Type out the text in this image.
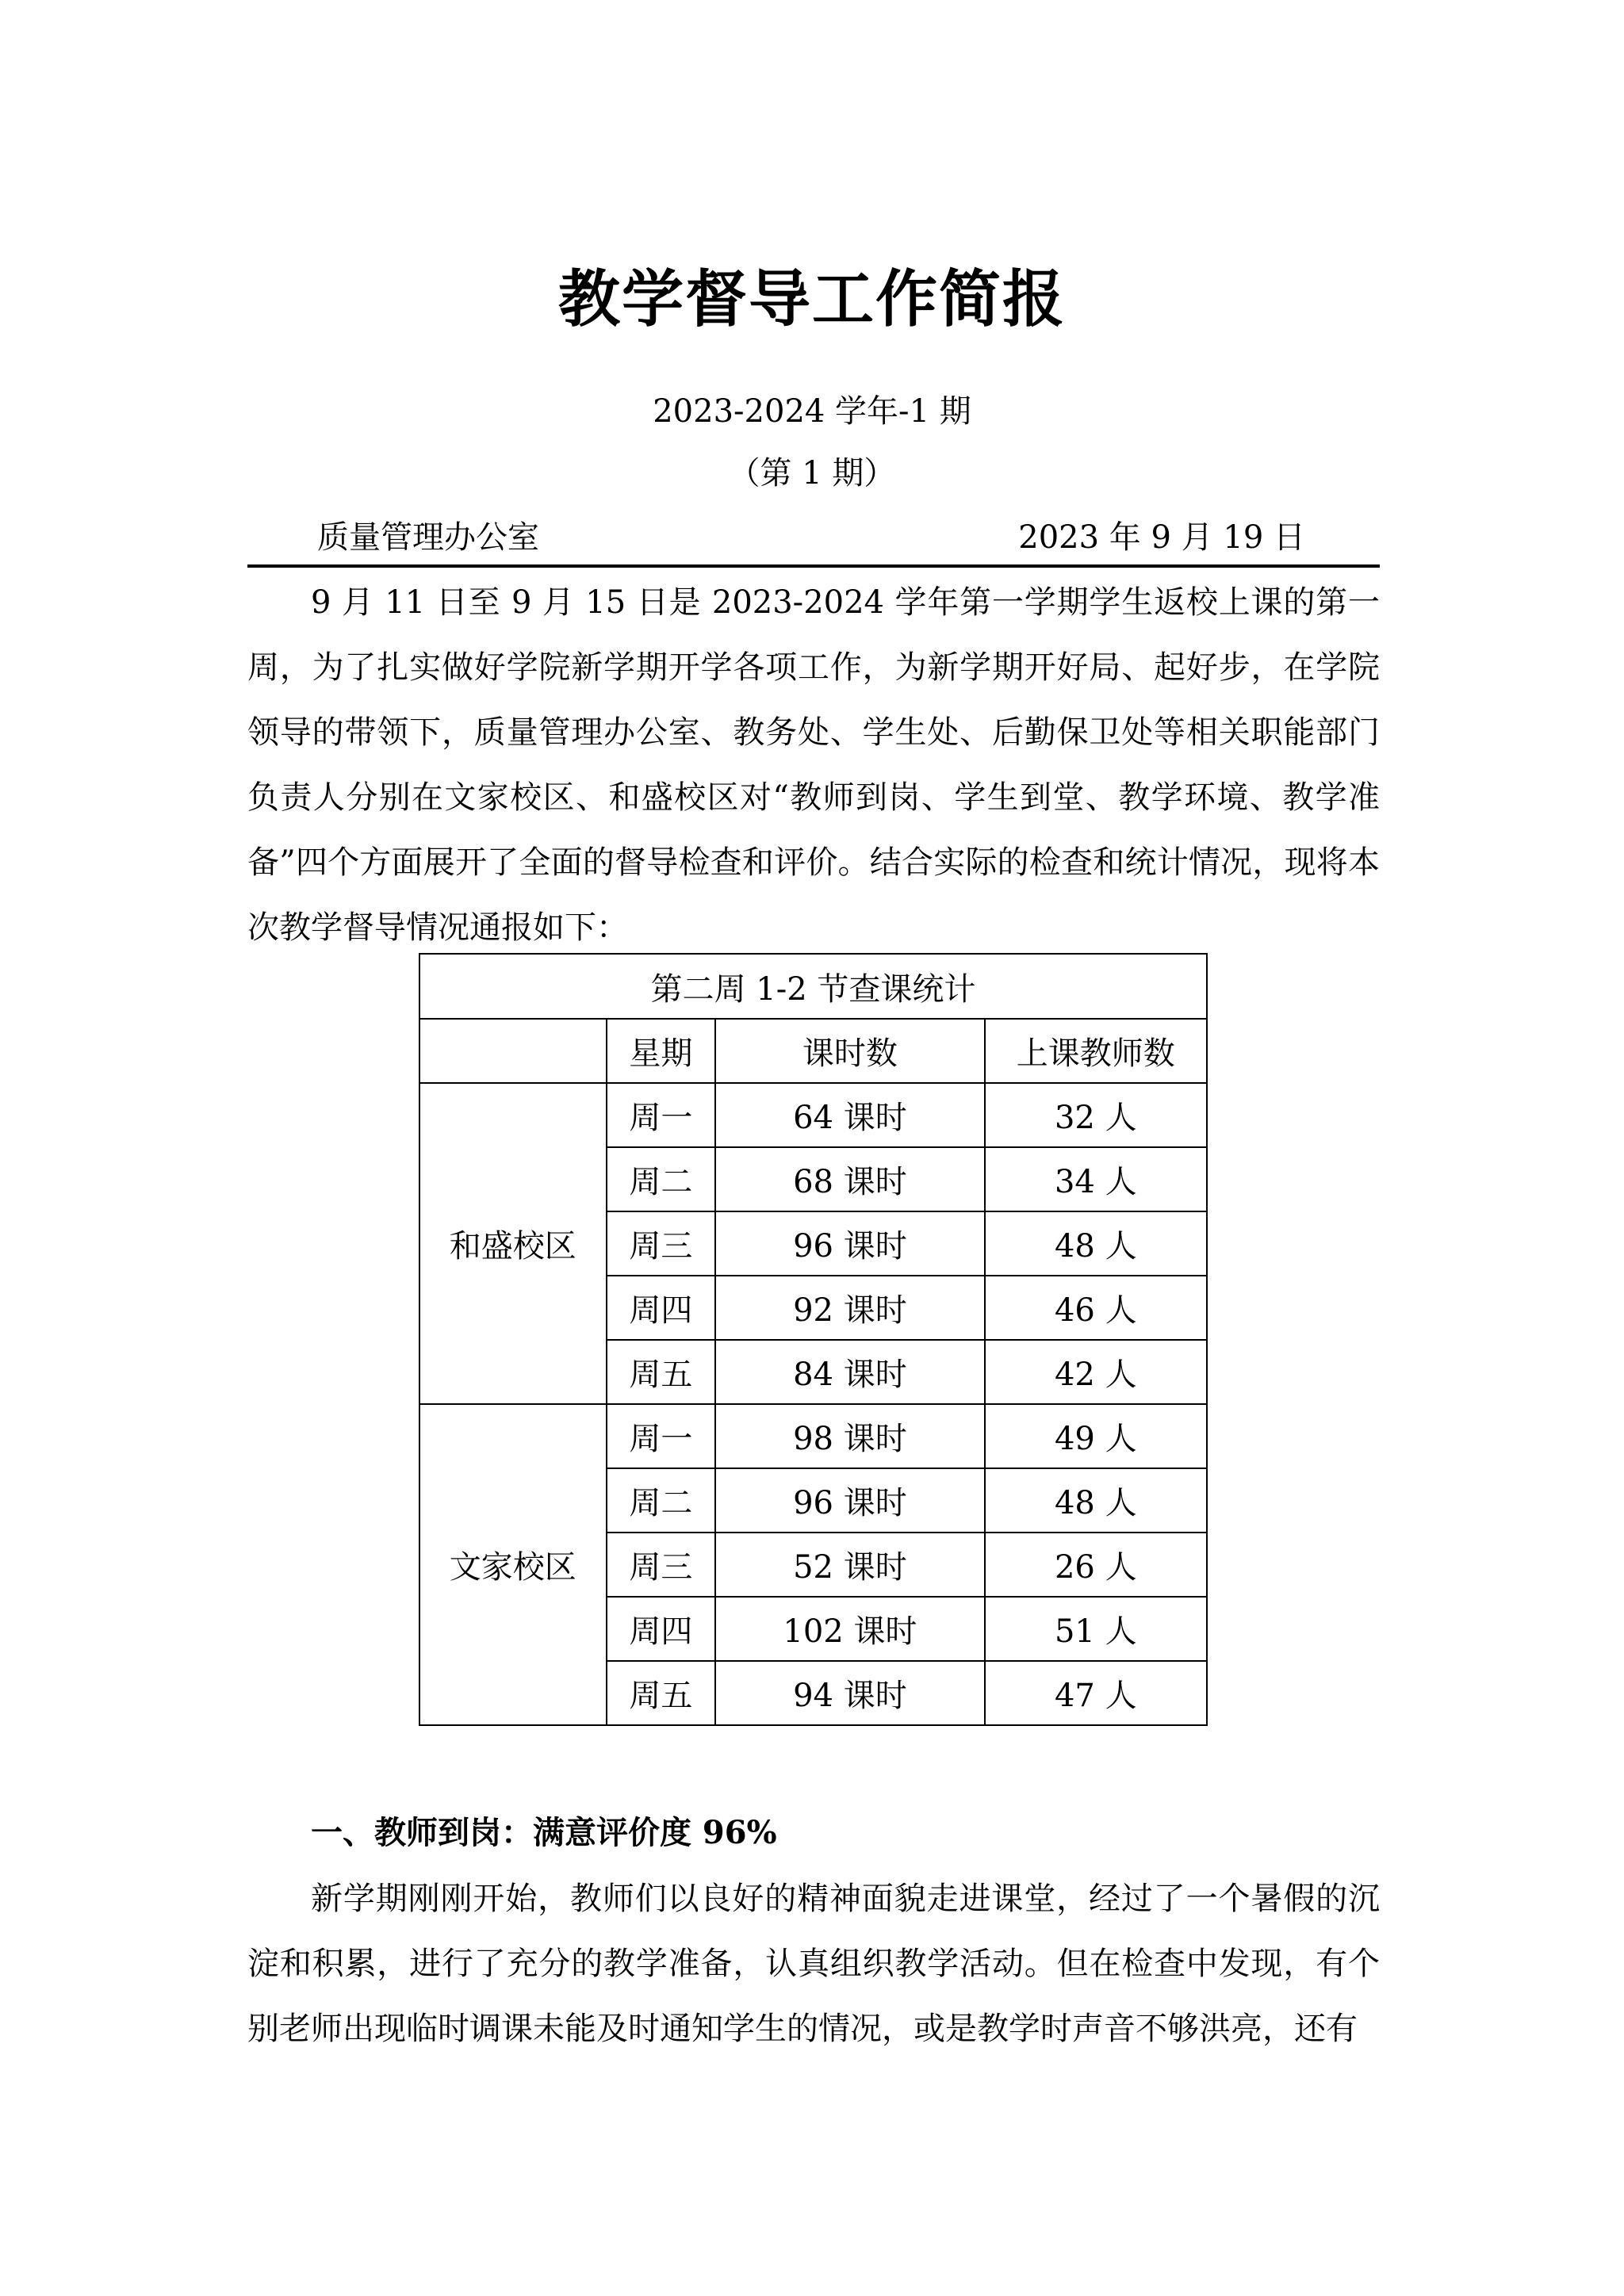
教学督导工作简报
2023-2024 学年-1 期
（第 1 期）
质量管理办公室	2023 年 9 月 19 日

9 月 11 日至 9 月 15 日是 2023-2024 学年第一学期学生返校上课的第一周，为了扎实做好学院新学期开学各项工作，为新学期开好局、起好步，在学院领导的带领下，质量管理办公室、教务处、学生处、后勤保卫处等相关职能部门负责人分别在文家校区、和盛校区对“教师到岗、学生到堂、教学环境、教学准备”四个方面展开了全面的督导检查和评价。结合实际的检查和统计情况，现将本次教学督导情况通报如下：

第二周 1-2 节查课统计			
	星期	课时数	上课教师数
和盛校区	周一	64 课时	32 人
	周二	68 课时	34 人
	周三	96 课时	48 人
	周四	92 课时	46 人
	周五	84 课时	42 人
文家校区	周一	98 课时	49 人
	周二	96 课时	48 人
	周三	52 课时	26 人
	周四	102 课时	51 人
	周五	94 课时	47 人
一、教师到岗：满意评价度 96%

新学期刚刚开始，教师们以良好的精神面貌走进课堂，经过了一个暑假的沉淀和积累，进行了充分的教学准备，认真组织教学活动。但在检查中发现，有个别老师出现临时调课未能及时通知学生的情况，或是教学时声音不够洪亮，还有
